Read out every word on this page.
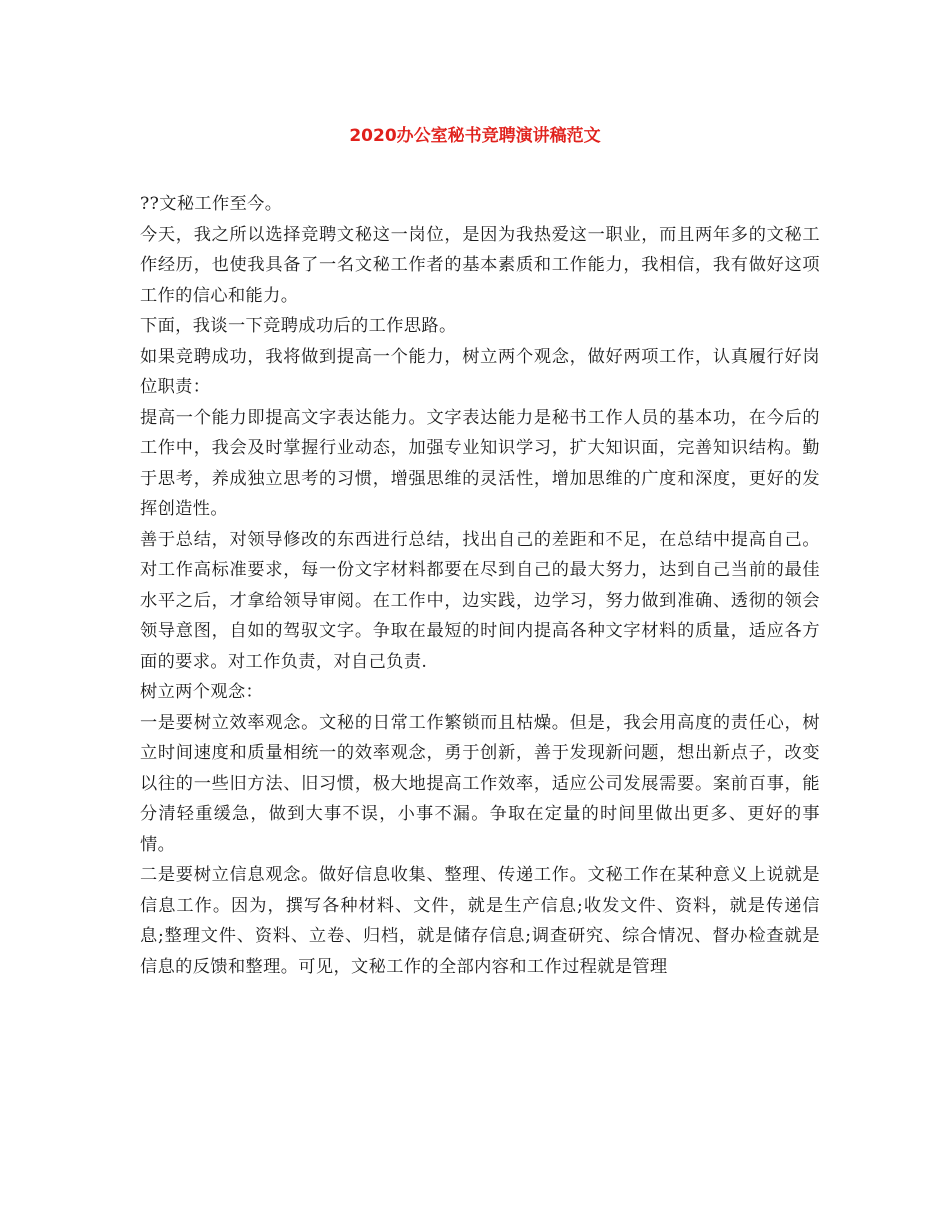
2020办公室秘书竞聘演讲稿范文

??文秘工作至今。

今天，我之所以选择竞聘文秘这一岗位，是因为我热爱这一职业，而且两年多的文秘工作经历，也使我具备了一名文秘工作者的基本素质和工作能力，我相信，我有做好这项工作的信心和能力。

下面，我谈一下竞聘成功后的工作思路。

如果竞聘成功，我将做到提高一个能力，树立两个观念，做好两项工作，认真履行好岗位职责：

提高一个能力即提高文字表达能力。文字表达能力是秘书工作人员的基本功，在今后的工作中，我会及时掌握行业动态，加强专业知识学习，扩大知识面，完善知识结构。勤于思考，养成独立思考的习惯，增强思维的灵活性，增加思维的广度和深度，更好的发挥创造性。

善于总结，对领导修改的东西进行总结，找出自己的差距和不足，在总结中提高自己。对工作高标准要求，每一份文字材料都要在尽到自己的最大努力，达到自己当前的最佳水平之后，才拿给领导审阅。在工作中，边实践，边学习，努力做到准确、透彻的领会领导意图，自如的驾驭文字。争取在最短的时间内提高各种文字材料的质量，适应各方面的要求。对工作负责，对自己负责.

树立两个观念：

一是要树立效率观念。文秘的日常工作繁锁而且枯燥。但是，我会用高度的责任心，树立时间速度和质量相统一的效率观念，勇于创新，善于发现新问题，想出新点子，改变以往的一些旧方法、旧习惯，极大地提高工作效率，适应公司发展需要。案前百事，能分清轻重缓急，做到大事不误，小事不漏。争取在定量的时间里做出更多、更好的事情。

二是要树立信息观念。做好信息收集、整理、传递工作。文秘工作在某种意义上说就是信息工作。因为，撰写各种材料、文件，就是生产信息;收发文件、资料，就是传递信息;整理文件、资料、立卷、归档，就是储存信息;调查研究、综合情况、督办检查就是信息的反馈和整理。可见，文秘工作的全部内容和工作过程就是管理
